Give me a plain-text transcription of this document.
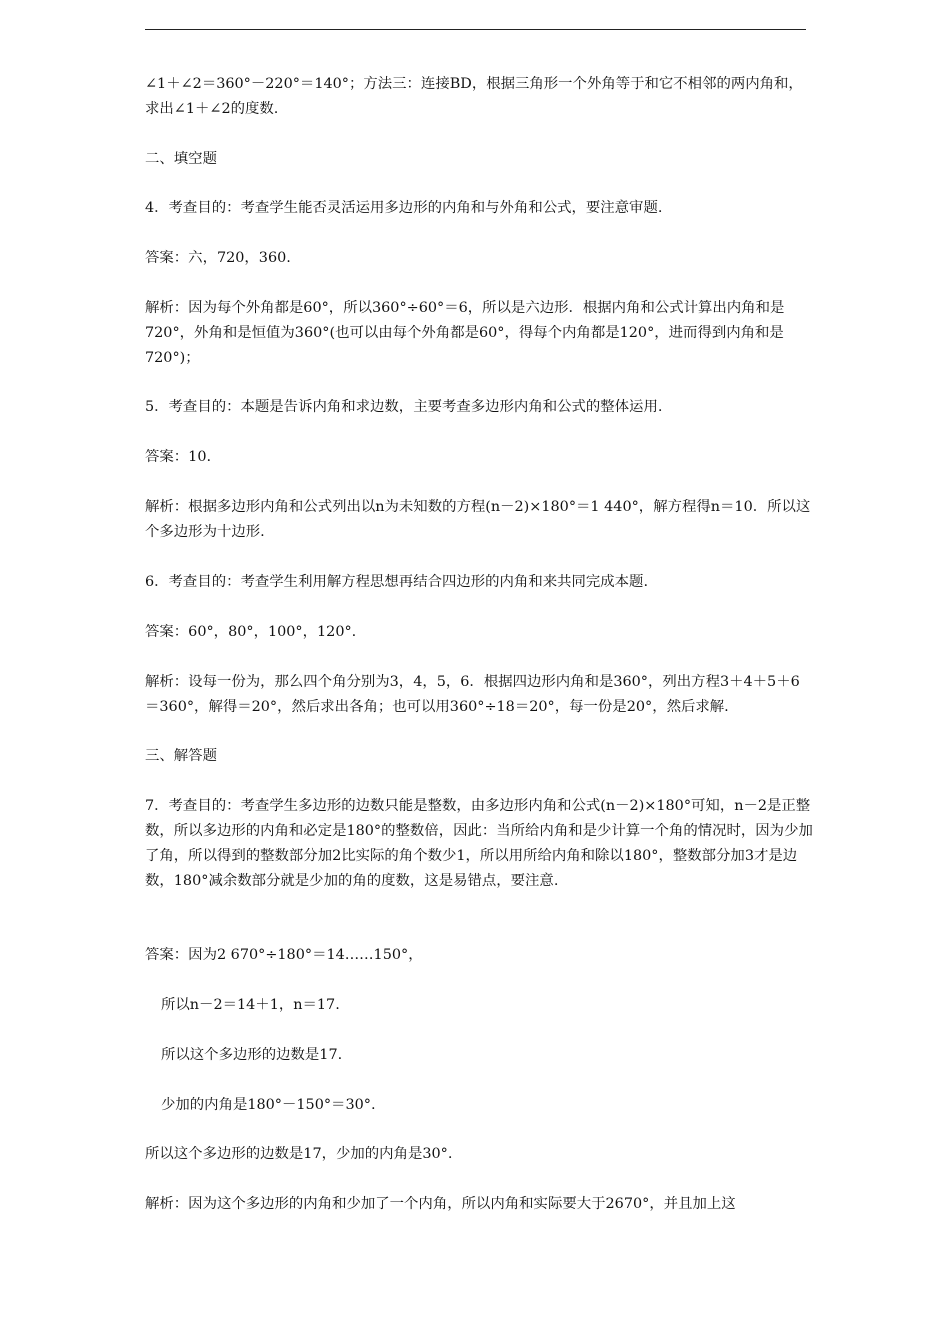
∠1＋∠2＝360°－220°＝140°；方法三：连接BD，根据三角形一个外角等于和它不相邻的两内角和，求出∠1＋∠2的度数.

二、填空题

4．考查目的：考查学生能否灵活运用多边形的内角和与外角和公式，要注意审题.

答案：六，720，360.

解析：因为每个外角都是60°，所以360°÷60°＝6，所以是六边形．根据内角和公式计算出内角和是720°，外角和是恒值为360°(也可以由每个外角都是60°，得每个内角都是120°，进而得到内角和是720°)；

5．考查目的：本题是告诉内角和求边数，主要考查多边形内角和公式的整体运用.

答案：10.

解析：根据多边形内角和公式列出以n为未知数的方程(n－2)×180°＝1 440°，解方程得n＝10．所以这个多边形为十边形.

6．考查目的：考查学生利用解方程思想再结合四边形的内角和来共同完成本题.

答案：60°，80°，100°，120°.

解析：设每一份为，那么四个角分别为3，4，5，6．根据四边形内角和是360°，列出方程3＋4＋5＋6＝360°，解得＝20°，然后求出各角；也可以用360°÷18＝20°，每一份是20°，然后求解.

三、解答题

7．考查目的：考查学生多边形的边数只能是整数，由多边形内角和公式(n－2)×180°可知，n－2是正整数，所以多边形的内角和必定是180°的整数倍，因此：当所给内角和是少计算一个角的情况时，因为少加了角，所以得到的整数部分加2比实际的角个数少1，所以用所给内角和除以180°，整数部分加3才是边数，180°减余数部分就是少加的角的度数，这是易错点，要注意.

答案：因为2 670°÷180°＝14……150°，

所以n－2＝14＋1，n＝17.

所以这个多边形的边数是17.

少加的内角是180°－150°＝30°.

所以这个多边形的边数是17，少加的内角是30°.

解析：因为这个多边形的内角和少加了一个内角，所以内角和实际要大于2670°，并且加上这
